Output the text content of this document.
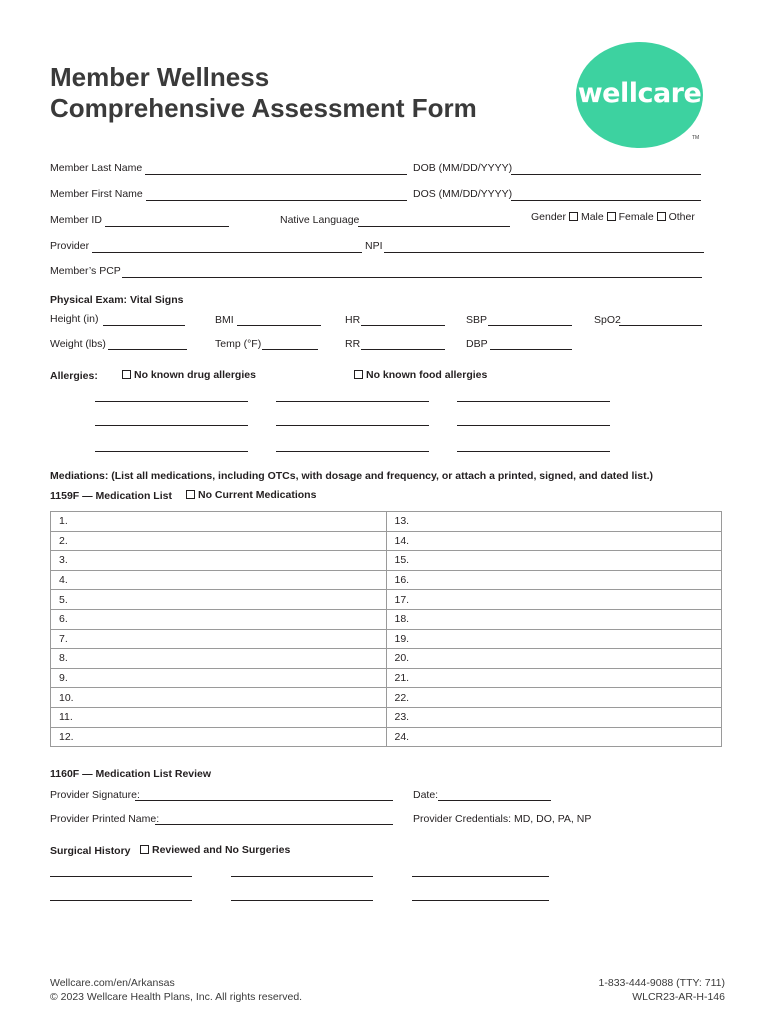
Member Wellness
Comprehensive Assessment Form	wellcare
TM
Member Last Name	DOB (MM/DD/YYYY)
Member First Name	DOS (MM/DD/YYYY)
Member ID	Native Language	Gender Male Female Other
Provider	NPI
Member’s PCP
Physical Exam: Vital Signs
Height (in)	BMI	HR	SBP	SpO2
Weight (lbs)	Temp (°F)	RR	DBP
Allergies:	No known drug allergies	No known food allergies
Mediations: (List all medications, including OTCs, with dosage and frequency, or attach a printed, signed, and dated list.)
1159F — Medication List	No Current Medications
1.	13.
2.	14.
3.	15.
4.	16.
5.	17.
6.	18.
7.	19.
8.	20.
9.	21.
10.	22.
11.	23.
12.	24.
1160F — Medication List Review
Provider Signature:	Date:
Provider Printed Name:	Provider Credentials: MD, DO, PA, NP
Surgical History	Reviewed and No Surgeries
Wellcare.com/en/Arkansas
© 2023 Wellcare Health Plans, Inc. All rights reserved.
1-833-444-9088 (TTY: 711)
WLCR23-AR-H-146
